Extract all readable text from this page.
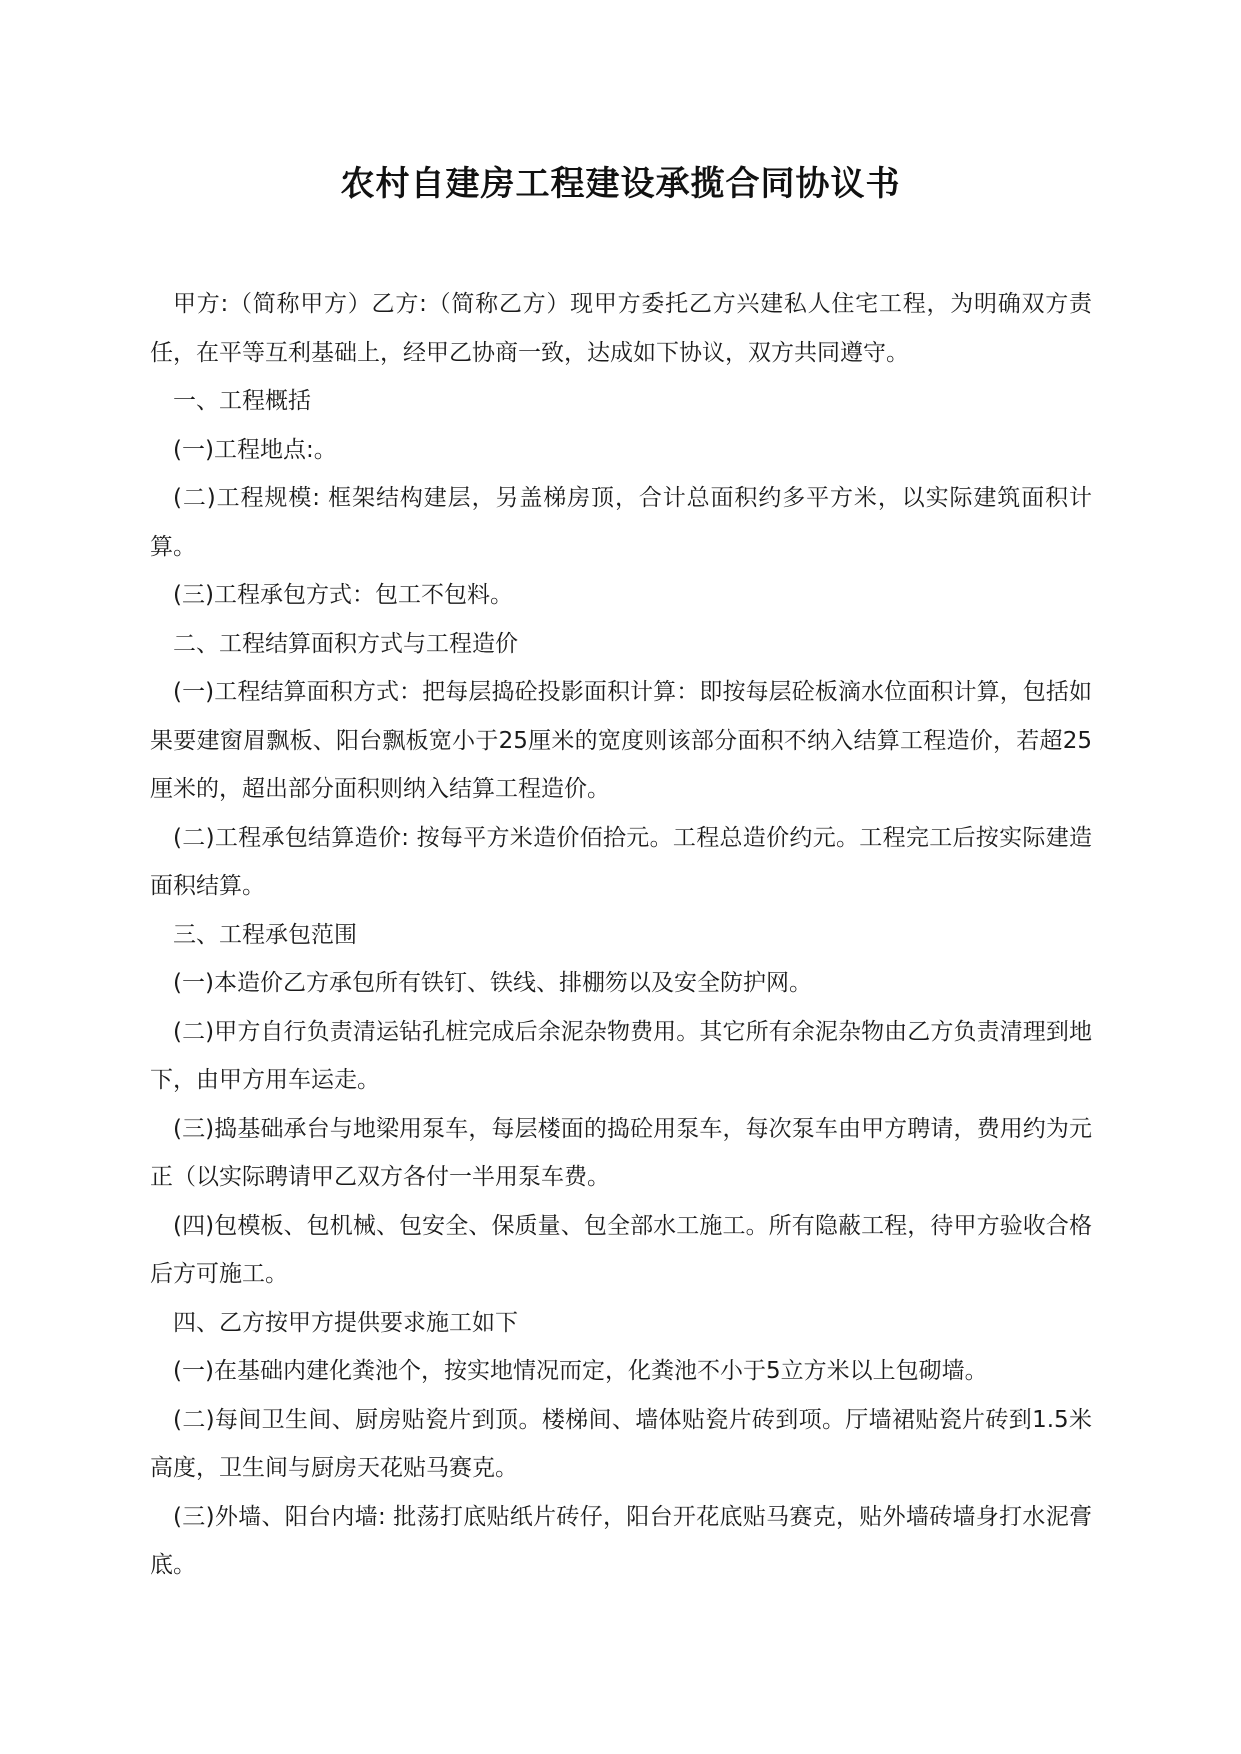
农村自建房工程建设承揽合同协议书

甲方:（简称甲方）乙方:（简称乙方）现甲方委托乙方兴建私人住宅工程，为明确双方责任，在平等互利基础上，经甲乙协商一致，达成如下协议，双方共同遵守。

一、工程概括

(一)工程地点:。

(二)工程规模: 框架结构建层，另盖梯房顶，合计总面积约多平方米，以实际建筑面积计算。

(三)工程承包方式：包工不包料。

二、工程结算面积方式与工程造价

(一)工程结算面积方式：把每层捣砼投影面积计算：即按每层砼板滴水位面积计算，包括如果要建窗眉飘板、阳台飘板宽小于25厘米的宽度则该部分面积不纳入结算工程造价，若超25厘米的，超出部分面积则纳入结算工程造价。

(二)工程承包结算造价: 按每平方米造价佰拾元。工程总造价约元。工程完工后按实际建造面积结算。

三、工程承包范围

(一)本造价乙方承包所有铁钉、铁线、排棚笏以及安全防护网。

(二)甲方自行负责清运钻孔桩完成后余泥杂物费用。其它所有余泥杂物由乙方负责清理到地下，由甲方用车运走。

(三)捣基础承台与地梁用泵车，每层楼面的捣砼用泵车，每次泵车由甲方聘请，费用约为元正（以实际聘请甲乙双方各付一半用泵车费。

(四)包模板、包机械、包安全、保质量、包全部水工施工。所有隐蔽工程，待甲方验收合格后方可施工。

四、乙方按甲方提供要求施工如下

(一)在基础内建化粪池个，按实地情况而定，化粪池不小于5立方米以上包砌墙。

(二)每间卫生间、厨房贴瓷片到顶。楼梯间、墙体贴瓷片砖到项。厅墙裙贴瓷片砖到1.5米高度，卫生间与厨房天花贴马赛克。

(三)外墙、阳台内墙: 批荡打底贴纸片砖仔，阳台开花底贴马赛克，贴外墙砖墙身打水泥膏底。
